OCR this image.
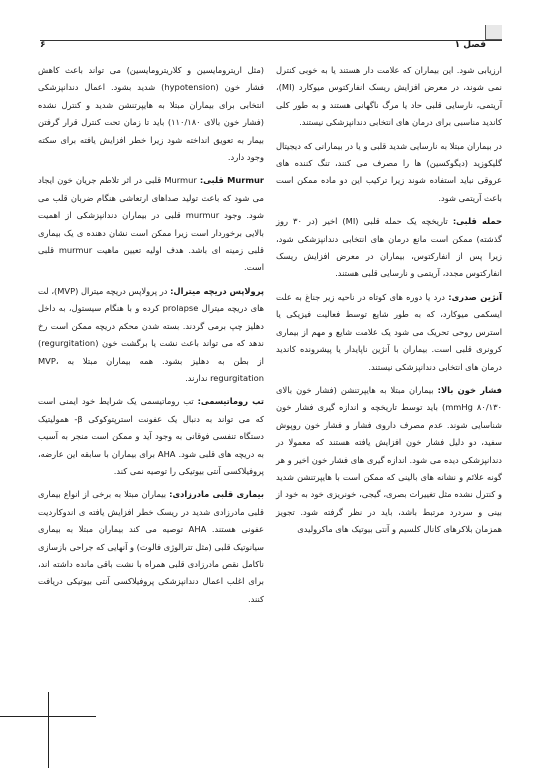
فصل ۱
۶

ارزیابی شود. این بیماران که علامت دار هستند یا به خوبی کنترل نمی شوند، در معرض افزایش ریسک انفارکتوس میوکارد (MI)، آریتمی، نارسایی قلبی حاد یا مرگ ناگهانی هستند و به طور کلی کاندید مناسبی برای درمان های انتخابی دندانپزشکی نیستند.

در بیماران مبتلا به نارسایی شدید قلبی و یا در بیمارانی که دیجیتال گلیکوزید (دیگوکسین) ها را مصرف می کنند، تنگ کننده های عروقی نباید استفاده شوند زیرا ترکیب این دو ماده ممکن است باعث آریتمی شود.

حمله قلبی: تاریخچه یک حمله قلبی (MI) اخیر (در ۳۰ روز گذشته) ممکن است مانع درمان های انتخابی دندانپزشکی شود، زیرا پس از انفارکتوس، بیماران در معرض افزایش ریسک انفارکتوس مجدد، آریتمی و نارسایی قلبی هستند.

آنژین صدری: درد یا دوره های کوتاه در ناحیه زیر جناغ به علت ایسکمی میوکارد، که به طور شایع توسط فعالیت فیزیکی یا استرس روحی تحریک می شود یک علامت شایع و مهم از بیماری کرونری قلبی است. بیماران با آنژین ناپایدار یا پیشرونده کاندید درمان های انتخابی دندانپزشکی نیستند.

فشار خون بالا: بیماران مبتلا به هایپرتنشن (فشار خون بالای ۸۰/۱۳۰ mmHg) باید توسط تاریخچه و اندازه گیری فشار خون شناسایی شوند. عدم مصرف داروی فشار و فشار خون روپوش سفید، دو دلیل فشار خون افزایش یافته هستند که معمولا در دندانپزشکی دیده می شود. اندازه گیری های فشار خون اخیر و هر گونه علائم و نشانه های بالینی که ممکن است با هایپرتنشن شدید و کنترل نشده مثل تغییرات بصری، گیجی، خونریزی خود به خود از بینی و سردرد مرتبط باشد، باید در نظر گرفته شود. تجویز همزمان بلاکرهای کانال کلسیم و آنتی بیوتیک های ماکرولیدی

(مثل اریترومایسین و کلاریترومایسین) می تواند باعث کاهش فشار خون (hypotension) شدید بشود. اعمال دندانپزشکی انتخابی برای بیماران مبتلا به هایپرتنشن شدید و کنترل نشده (فشار خون بالای ۱۱۰/۱۸۰) باید تا زمان تحت کنترل قرار گرفتن بیمار به تعویق انداخته شود زیرا خطر افزایش یافته برای سکته وجود دارد.

Murmur قلبی: Murmur قلبی در اثر تلاطم جریان خون ایجاد می شود که باعث تولید صداهای ارتعاشی هنگام ضربان قلب می شود. وجود murmur قلبی در بیماران دندانپزشکی از اهمیت بالایی برخوردار است زیرا ممکن است نشان دهنده ی یک بیماری قلبی زمینه ای باشد. هدف اولیه تعیین ماهیت murmur قلبی است.

پرولاپس دریچه میترال: در پرولاپس دریچه میترال (MVP)، لت های دریچه میترال prolapse کرده و با هنگام سیستول، به داخل دهلیز چپ برمی گردند. بسته شدن محکم دریچه ممکن است رخ ندهد که می تواند باعث نشت یا برگشت خون (regurgitation) از بطن به دهلیز بشود. همه بیماران مبتلا به MVP، regurgitation ندارند.

تب روماتیسمی: تب روماتیسمی یک شرایط خود ایمنی است که می تواند به دنبال یک عفونت استرپتوکوکی β- همولیتیک دستگاه تنفسی فوقانی به وجود آید و ممکن است منجر به آسیب به دریچه های قلبی شود. AHA برای بیماران با سابقه این عارضه، پروفیلاکسی آنتی بیوتیکی را توصیه نمی کند.

بیماری قلبی مادرزادی: بیماران مبتلا به برخی از انواع بیماری قلبی مادرزادی شدید در ریسک خطر افزایش یافته ی اندوکاردیت عفونی هستند. AHA توصیه می کند بیماران مبتلا به بیماری سیانوتیک قلبی (مثل تترالوژی فالوت) و آنهایی که جراحی بازسازی ناکامل نقص مادرزادی قلبی همراه با نشت باقی مانده داشته اند، برای اغلب اعمال دندانپزشکی پروفیلاکسی آنتی بیوتیکی دریافت کنند.
